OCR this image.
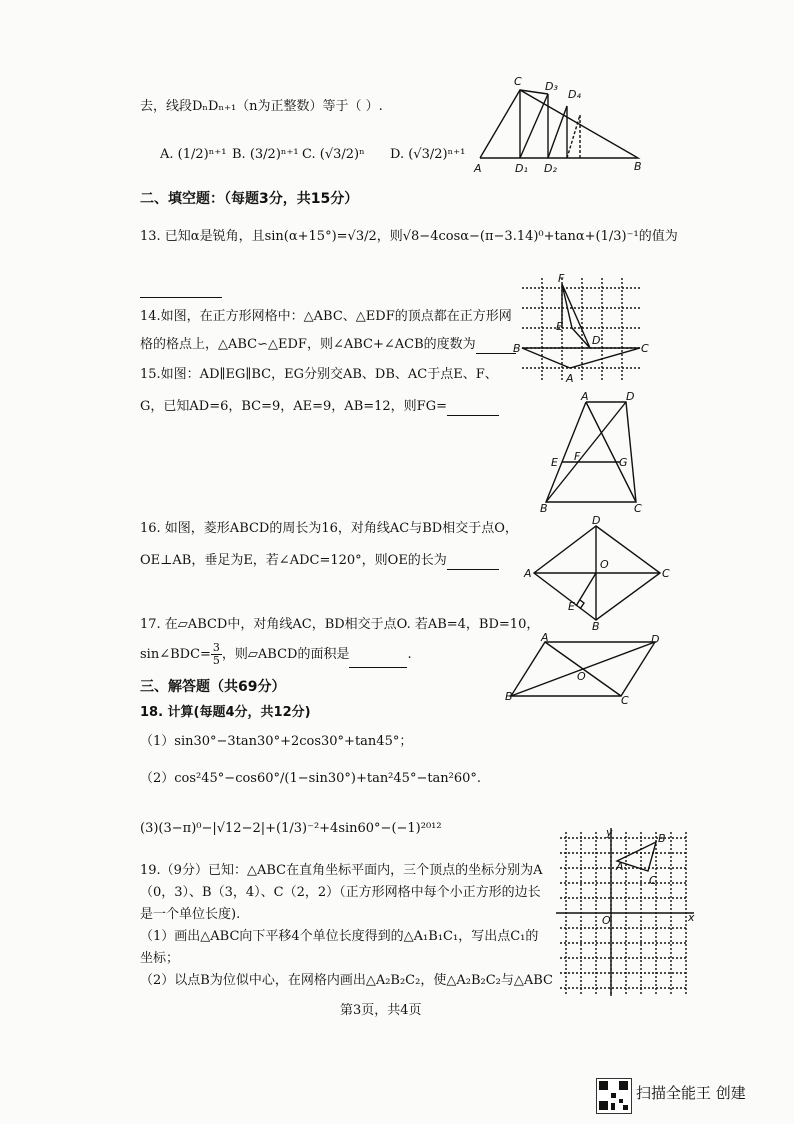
去，线段DₙDₙ₊₁（n为正整数）等于（ ）.
A. (1/2)ⁿ⁺¹ B. (3/2)ⁿ⁺¹ C. (√3/2)ⁿ D. (√3/2)ⁿ⁺¹
C D₃
D₄
A	D₁ D₂	B
二、填空题：（每题3分，共15分）
13. 已知α是锐角，且sin(α+15°)=√3/2，则√8−4cosα−(π−3.14)⁰+tanα+(1/3)⁻¹的值为
14.如图，在正方形网格中：△ABC、△EDF的顶点都在正方形网
格的格点上，△ABC∽△EDF，则∠ABC+∠ACB的度数为
F
E
D
B	C
A
15.如图：AD∥EG∥BC，EG分别交AB、DB、AC于点E、F、
G，已知AD=6，BC=9，AE=9，AB=12，则FG=
A	D
E F	G
B	C
16. 如图，菱形ABCD的周长为16，对角线AC与BD相交于点O，
OE⊥AB，垂足为E，若∠ADC=120°，则OE的长为
D
A
O
C
E
B
17. 在▱ABCD中，对角线AC，BD相交于点O. 若AB=4，BD=10，
sin∠BDC= $\frac{3}{5}$ ，则▱ABCD的面积是	.
A	D
O
B	C
三、解答题（共69分）
18. 计算(每题4分，共12分)
（1）sin30°−3tan30°+2cos30°+tan45°；
（2）cos²45°−cos60°/(1−sin30°)+tan²45°−tan²60°.
(3)(3−π)⁰−|√12−2|+(1/3)⁻²+4sin60°−(−1)²⁰¹²
19.（9分）已知：△ABC在直角坐标平面内，三个顶点的坐标分别为A
（0，3）、B（3，4）、C（2，2）（正方形网格中每个小正方形的边长
是一个单位长度).
（1）画出△ABC向下平移4个单位长度得到的△A₁B₁C₁，写出点C₁的
坐标；
（2）以点B为位似中心，在网格内画出△A₂B₂C₂，使△A₂B₂C₂与△ABC
y	B
A
C
O	x
第3页，共4页
扫描全能王 创建
